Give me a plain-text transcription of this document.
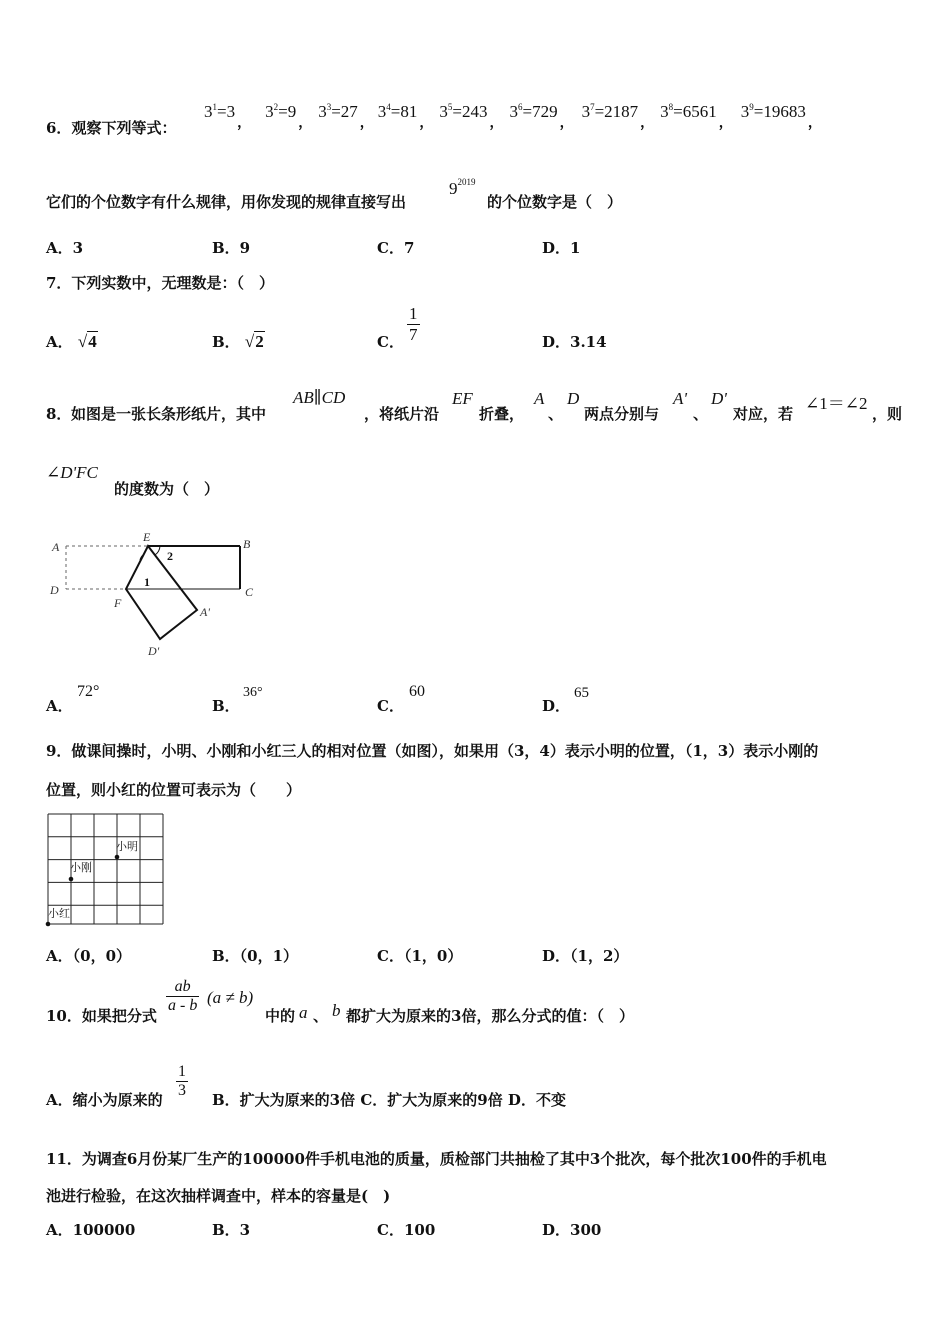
6．观察下列等式：
$3^1=3$，$3^2=9$，$3^3=27$，$3^4=81$，$3^5=243$，$3^6=729$，$3^7=2187$，$3^8=6561$，$3^9=19683$，
它们的个位数字有什么规律，用你发现的规律直接写出
$9^{2019}$
的个位数字是（　）
A．3	B．9	C．7	D．1
7．下列实数中，无理数是：（　）
A． √4	B． √2	C． $\frac{1}{7}$	D．3.14
8． 如图是一张长条形纸片，其中
AB∥CD
，将纸片沿
EF
折叠，
A
、
D
两点分别与
A'
、
D'
对应，若
∠1＝∠2
，则
∠D'FC
的度数为（　）
A
D
E	B
C
F
A'
D'
2
1
A．
72°
B．
36°
C．
60
D．
65
9．做课间操时，小明、小刚和小红三人的相对位置（如图），如果用（3，4）表示小明的位置，（1，3）表示小刚的
位置，则小红的位置可表示为（　　）
小明
小刚
小红
A．（0，0）	B．（0，1）	C．（1，0）	D．（1，2）
10．如果把分式
$\frac{ab}{a - b} (a \ne b)$
中的 a 、 b 都扩大为原来的3倍，那么分式的值：（　）
A．缩小为原来的 $\frac{1}{3}$ B．扩大为原来的3倍 C．扩大为原来的9倍 D．不变
11．为调查6月份某厂生产的100000件手机电池的质量，质检部门共抽检了其中3个批次，每个批次100件的手机电
池进行检验，在这次抽样调查中，样本的容量是(　)
A．100000	B．3	C．100	D．300
